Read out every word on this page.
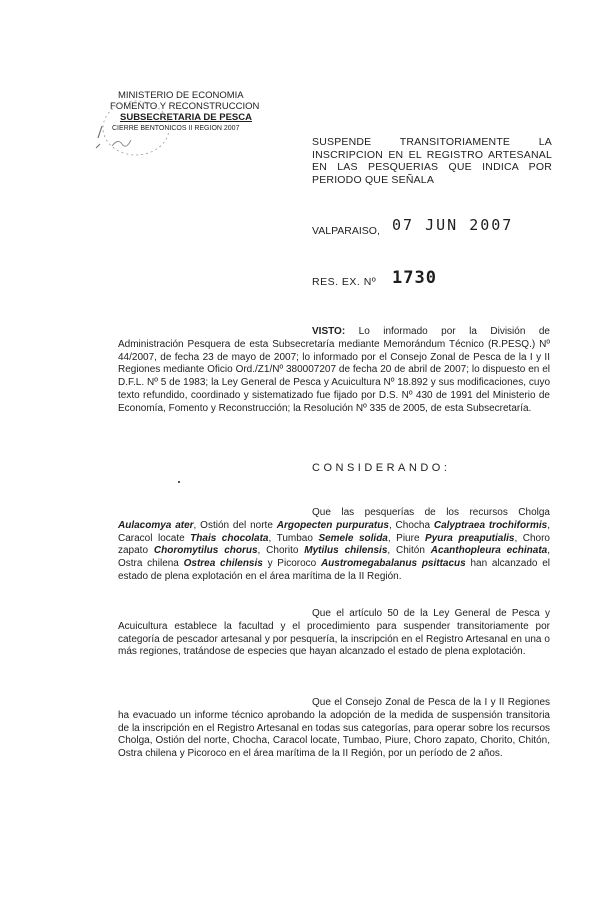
MINISTERIO DE ECONOMIA
FOMENTO Y RECONSTRUCCION
SUBSECRETARIA DE PESCA
CIERRE BENTONICOS II REGION 2007
SUSPENDE TRANSITORIAMENTE LA
INSCRIPCION EN EL REGISTRO ARTESANAL
EN LAS PESQUERIAS QUE INDICA POR
PERIODO QUE SEÑALA
VALPARAISO, 07 JUN 2007
RES. EX. Nº 1730
VISTO: Lo informado por la División de Administración Pesquera de esta Subsecretaría mediante Memorándum Técnico (R.PESQ.) Nº 44/2007, de fecha 23 de mayo de 2007; lo informado por el Consejo Zonal de Pesca de la I y II Regiones mediante Oficio Ord./Z1/Nº 380007207 de fecha 20 de abril de 2007; lo dispuesto en el D.F.L. Nº 5 de 1983; la Ley General de Pesca y Acuicultura Nº 18.892 y sus modificaciones, cuyo texto refundido, coordinado y sistematizado fue fijado por D.S. Nº 430 de 1991 del Ministerio de Economía, Fomento y Reconstrucción; la Resolución Nº 335 de 2005, de esta Subsecretaría.
CONSIDERANDO:
Que las pesquerías de los recursos Cholga Aulacomya ater, Ostión del norte Argopecten purpuratus, Chocha Calyptraea trochiformis, Caracol locate Thais chocolata, Tumbao Semele solida, Piure Pyura preaputialis, Choro zapato Choromytilus chorus, Chorito Mytilus chilensis, Chitón Acanthopleura echinata, Ostra chilena Ostrea chilensis y Picoroco Austromegabalanus psittacus han alcanzado el estado de plena explotación en el área marítima de la II Región.
Que el artículo 50 de la Ley General de Pesca y Acuicultura establece la facultad y el procedimiento para suspender transitoriamente por categoría de pescador artesanal y por pesquería, la inscripción en el Registro Artesanal en una o más regiones, tratándose de especies que hayan alcanzado el estado de plena explotación.
Que el Consejo Zonal de Pesca de la I y II Regiones ha evacuado un informe técnico aprobando la adopción de la medida de suspensión transitoria de la inscripción en el Registro Artesanal en todas sus categorías, para operar sobre los recursos Cholga, Ostión del norte, Chocha, Caracol locate, Tumbao, Piure, Choro zapato, Chorito, Chitón, Ostra chilena y Picoroco en el área marítima de la II Región, por un período de 2 años.
